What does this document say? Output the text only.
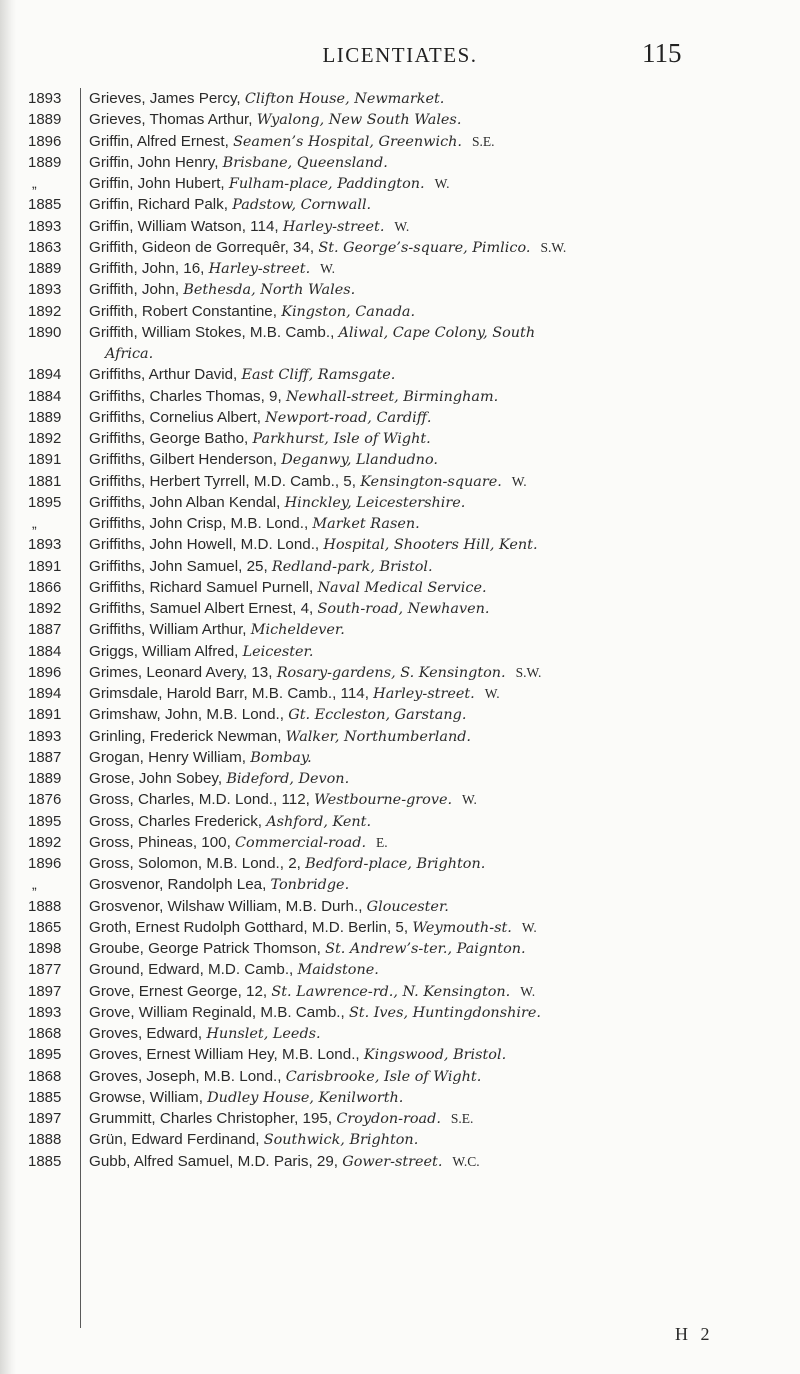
LICENTIATES.	115
1893
1889
1896
1889
„
1885
1893
1863
1889
1893
1892
1890
1894
1884
1889
1892
1891
1881
1895
„
1893
1891
1866
1892
1887
1884
1896
1894
1891
1893
1887
1889
1876
1895
1892
1896
„
1888
1865
1898
1877
1897
1893
1868
1895
1868
1885
1897
1888
1885
Grieves, James Percy, Clifton House, Newmarket.
Grieves, Thomas Arthur, Wyalong, New South Wales.
Griffin, Alfred Ernest, Seamen’s Hospital, Greenwich. S.E.
Griffin, John Henry, Brisbane, Queensland.
Griffin, John Hubert, Fulham-place, Paddington. W.
Griffin, Richard Palk, Padstow, Cornwall.
Griffin, William Watson, 114, Harley-street. W.
Griffith, Gideon de Gorrequêr, 34, St. George’s-square, Pimlico. S.W.
Griffith, John, 16, Harley-street. W.
Griffith, John, Bethesda, North Wales.
Griffith, Robert Constantine, Kingston, Canada.
Griffith, William Stokes, M.B. Camb., Aliwal, Cape Colony, South
Africa.
Griffiths, Arthur David, East Cliff, Ramsgate.
Griffiths, Charles Thomas, 9, Newhall-street, Birmingham.
Griffiths, Cornelius Albert, Newport-road, Cardiff.
Griffiths, George Batho, Parkhurst, Isle of Wight.
Griffiths, Gilbert Henderson, Deganwy, Llandudno.
Griffiths, Herbert Tyrrell, M.D. Camb., 5, Kensington-square. W.
Griffiths, John Alban Kendal, Hinckley, Leicestershire.
Griffiths, John Crisp, M.B. Lond., Market Rasen.
Griffiths, John Howell, M.D. Lond., Hospital, Shooters Hill, Kent.
Griffiths, John Samuel, 25, Redland-park, Bristol.
Griffiths, Richard Samuel Purnell, Naval Medical Service.
Griffiths, Samuel Albert Ernest, 4, South-road, Newhaven.
Griffiths, William Arthur, Micheldever.
Griggs, William Alfred, Leicester.
Grimes, Leonard Avery, 13, Rosary-gardens, S. Kensington. S.W.
Grimsdale, Harold Barr, M.B. Camb., 114, Harley-street. W.
Grimshaw, John, M.B. Lond., Gt. Eccleston, Garstang.
Grinling, Frederick Newman, Walker, Northumberland.
Grogan, Henry William, Bombay.
Grose, John Sobey, Bideford, Devon.
Gross, Charles, M.D. Lond., 112, Westbourne-grove. W.
Gross, Charles Frederick, Ashford, Kent.
Gross, Phineas, 100, Commercial-road. E.
Gross, Solomon, M.B. Lond., 2, Bedford-place, Brighton.
Grosvenor, Randolph Lea, Tonbridge.
Grosvenor, Wilshaw William, M.B. Durh., Gloucester.
Groth, Ernest Rudolph Gotthard, M.D. Berlin, 5, Weymouth-st. W.
Groube, George Patrick Thomson, St. Andrew’s-ter., Paignton.
Ground, Edward, M.D. Camb., Maidstone.
Grove, Ernest George, 12, St. Lawrence-rd., N. Kensington. W.
Grove, William Reginald, M.B. Camb., St. Ives, Huntingdonshire.
Groves, Edward, Hunslet, Leeds.
Groves, Ernest William Hey, M.B. Lond., Kingswood, Bristol.
Groves, Joseph, M.B. Lond., Carisbrooke, Isle of Wight.
Growse, William, Dudley House, Kenilworth.
Grummitt, Charles Christopher, 195, Croydon-road. S.E.
Grün, Edward Ferdinand, Southwick, Brighton.
Gubb, Alfred Samuel, M.D. Paris, 29, Gower-street. W.C.
H 2
